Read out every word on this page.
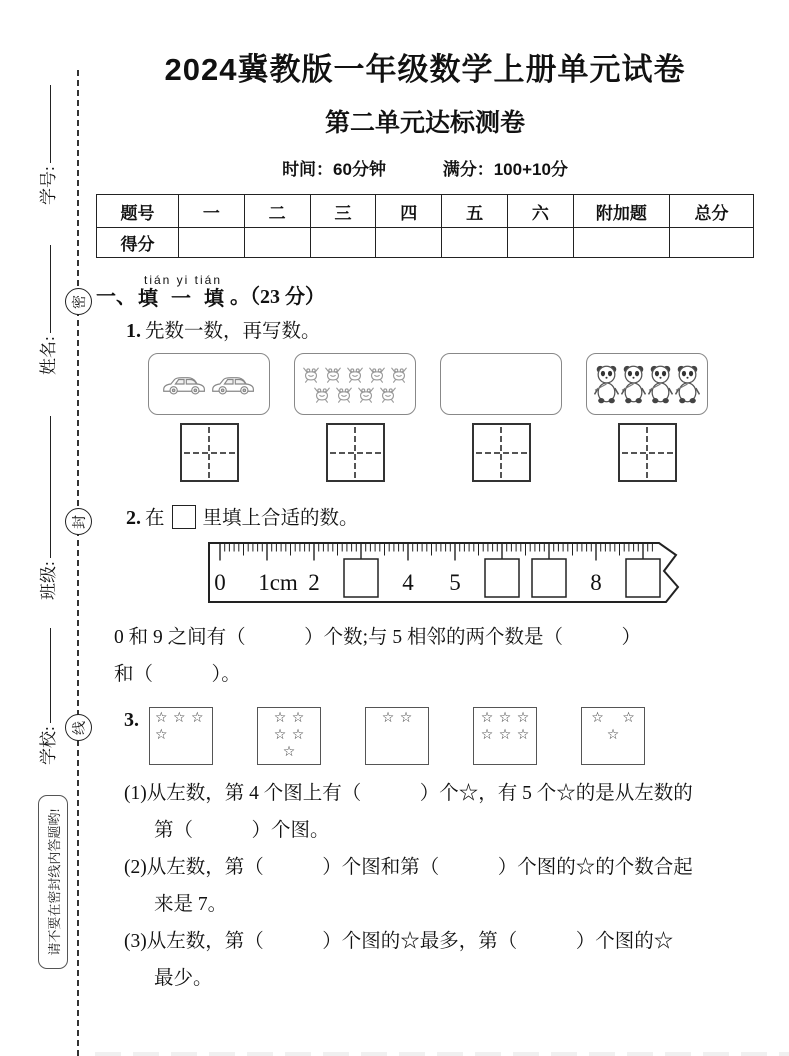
请不要在密封线内答题哟!
学号:
姓名:
班级:
学校:
密
封
线
2024冀教版一年级数学上册单元试卷
第二单元达标测卷
时间：60分钟	满分：100+10分
题号	一	二	三	四	五	六	附加题	总分
得分								
一、
tián yi tián
填 一 填 。（23 分）
1. 先数一数，再写数。
2. 在 里填上合适的数。
0 1cm 2	4 5	8
0 和 9 之间有（　　　）个数;与 5 相邻的两个数是（　　　）
和（　　　）。
3.	☆ ☆ ☆
☆
☆ ☆
☆ ☆
☆
☆ ☆	☆ ☆ ☆
☆ ☆ ☆
☆ ☆
☆
(1)从左数，第 4 个图上有（　　　）个☆，有 5 个☆的是从左数的
第（　　　）个图。
(2)从左数，第（　　　）个图和第（　　　）个图的☆的个数合起
来是 7。
(3)从左数，第（　　　）个图的☆最多，第（　　　）个图的☆
最少。
